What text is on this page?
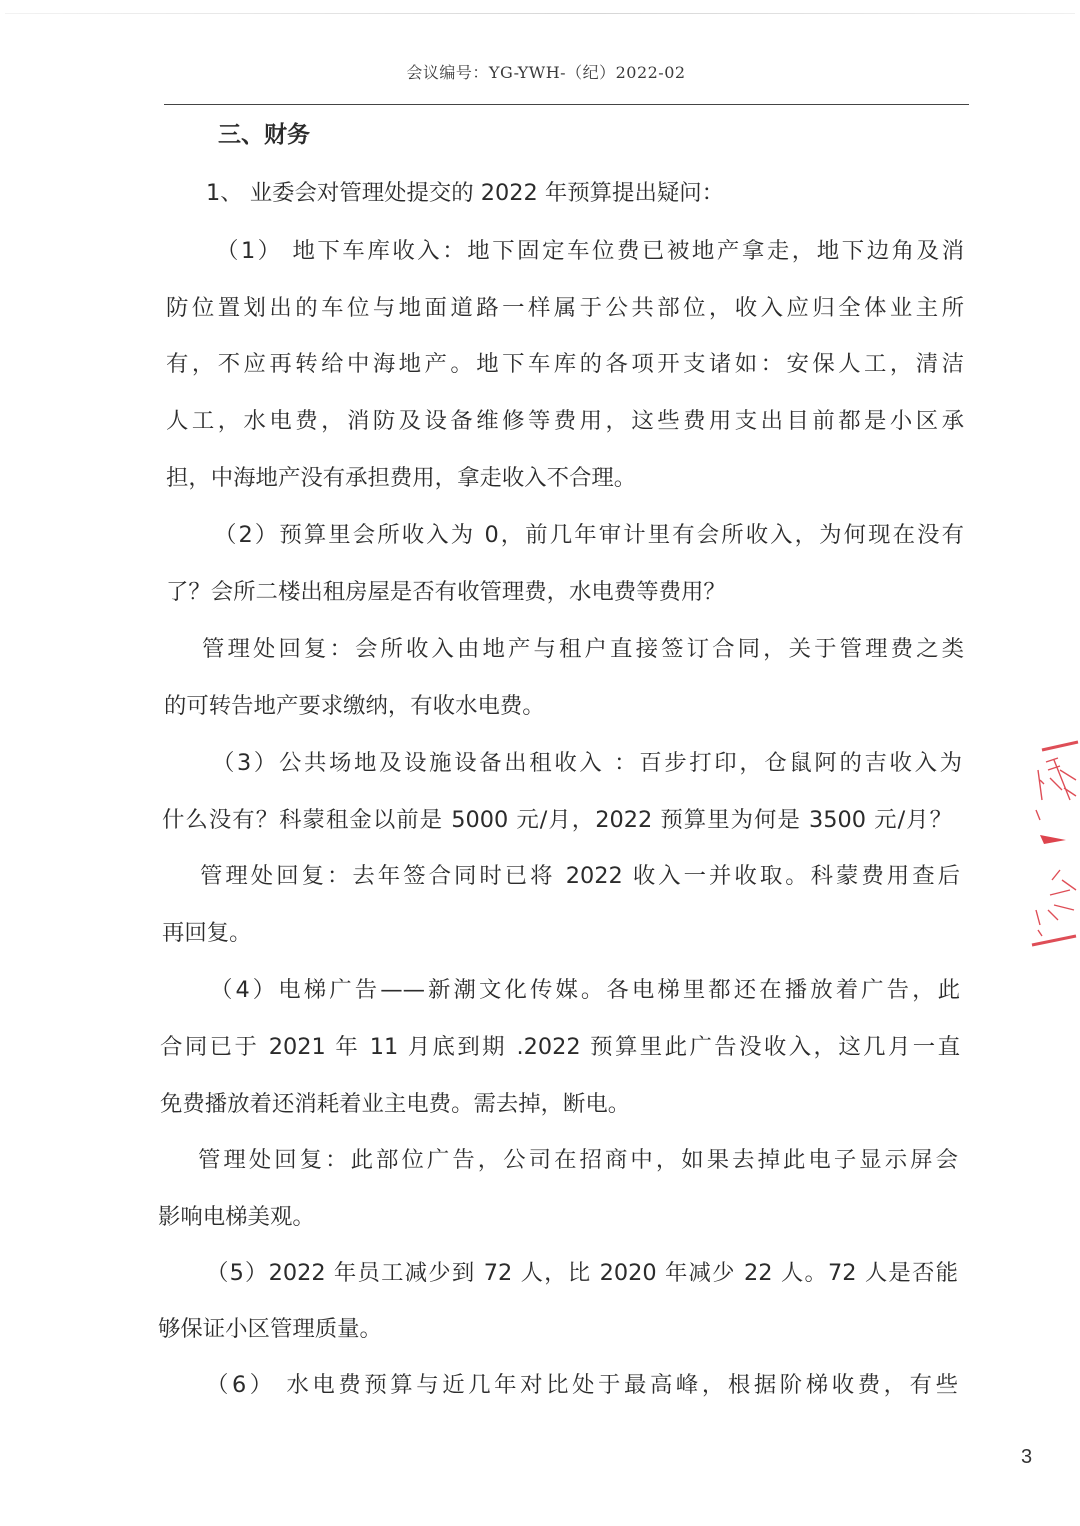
会议编号：YG-YWH-（纪）2022-02
三、财务
1、 业委会对管理处提交的 2022 年预算提出疑问：
（1） 地下车库收入：地下固定车位费已被地产拿走，地下边角及消
防位置划出的车位与地面道路一样属于公共部位，收入应归全体业主所
有，不应再转给中海地产。地下车库的各项开支诸如：安保人工，清洁
人工，水电费，消防及设备维修等费用，这些费用支出目前都是小区承
担，中海地产没有承担费用，拿走收入不合理。
（2）预算里会所收入为 0，前几年审计里有会所收入，为何现在没有
了？会所二楼出租房屋是否有收管理费，水电费等费用？
管理处回复：会所收入由地产与租户直接签订合同，关于管理费之类
的可转告地产要求缴纳，有收水电费。
（3）公共场地及设施设备出租收入 ：百步打印，仓鼠阿的吉收入为
什么没有？科蒙租金以前是 5000 元/月，2022 预算里为何是 3500 元/月？
管理处回复：去年签合同时已将 2022 收入一并收取。科蒙费用查后
再回复。
（4）电梯广告——新潮文化传媒。各电梯里都还在播放着广告，此
合同已于 2021 年 11 月底到期 .2022 预算里此广告没收入，这几月一直
免费播放着还消耗着业主电费。需去掉，断电。
管理处回复：此部位广告，公司在招商中，如果去掉此电子显示屏会
影响电梯美观。
（5）2022 年员工减少到 72 人，比 2020 年减少 22 人。72 人是否能
够保证小区管理质量。
（6） 水电费预算与近几年对比处于最高峰，根据阶梯收费，有些
3
